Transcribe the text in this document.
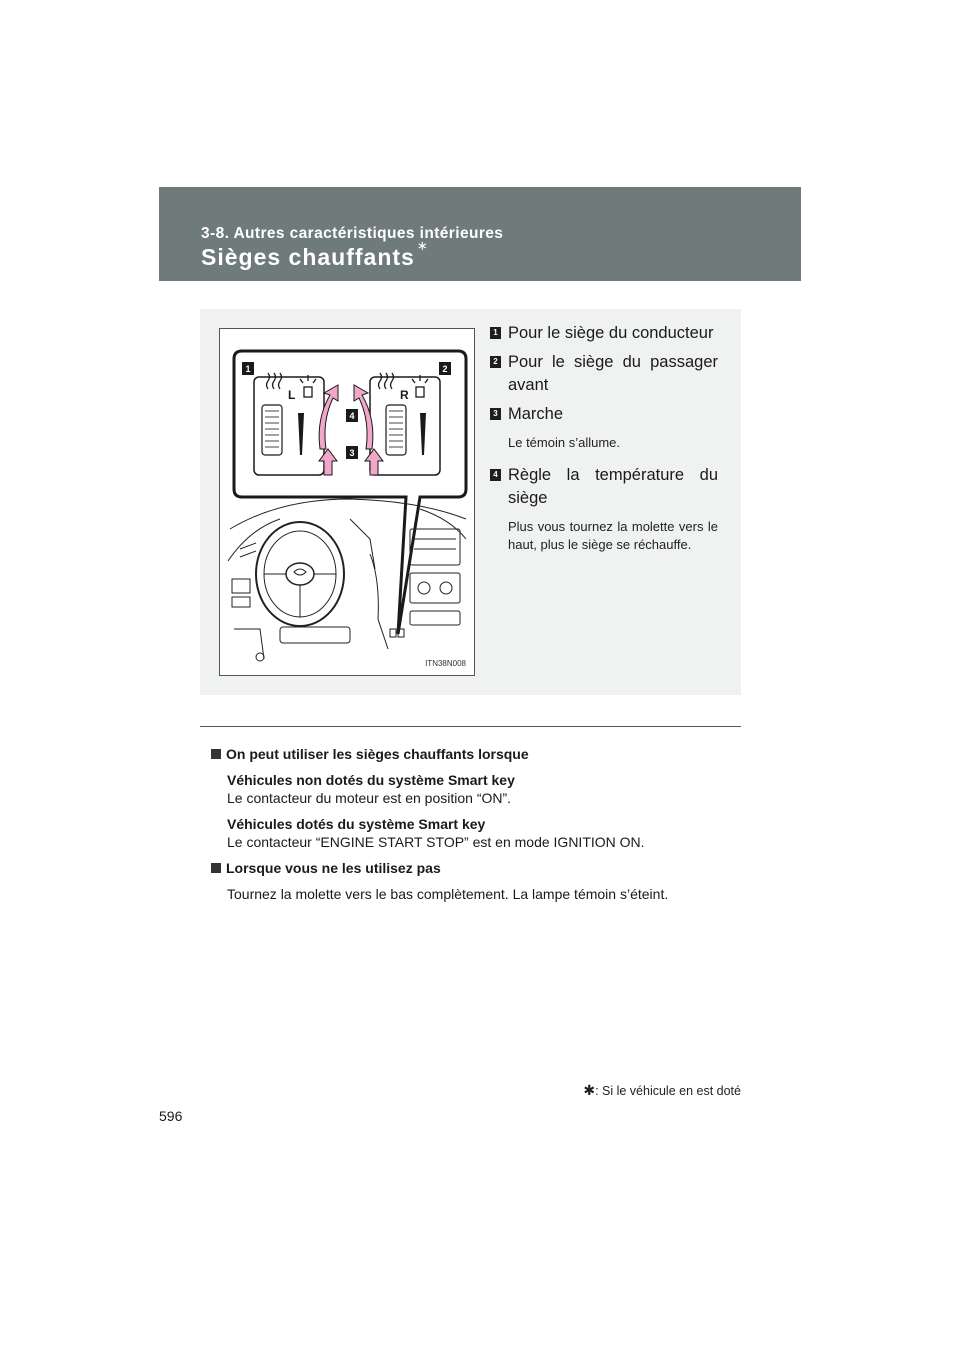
3-8. Autres caractéristiques intérieures
Sièges chauffants ∗
L	R
1	2
3
4
ITN38N008
1 Pour le siège du conducteur
2 Pour le siège du passager avant
3 Marche
Le témoin s’allume.
4 Règle la température du siège
Plus vous tournez la molette vers le haut, plus le siège se réchauffe.
On peut utiliser les sièges chauffants lorsque
Véhicules non dotés du système Smart key
Le contacteur du moteur est en position “ON”.
Véhicules dotés du système Smart key
Le contacteur “ENGINE START STOP” est en mode IGNITION ON.
Lorsque vous ne les utilisez pas
Tournez la molette vers le bas complètement. La lampe témoin s’éteint.
✱: Si le véhicule en est doté
596
